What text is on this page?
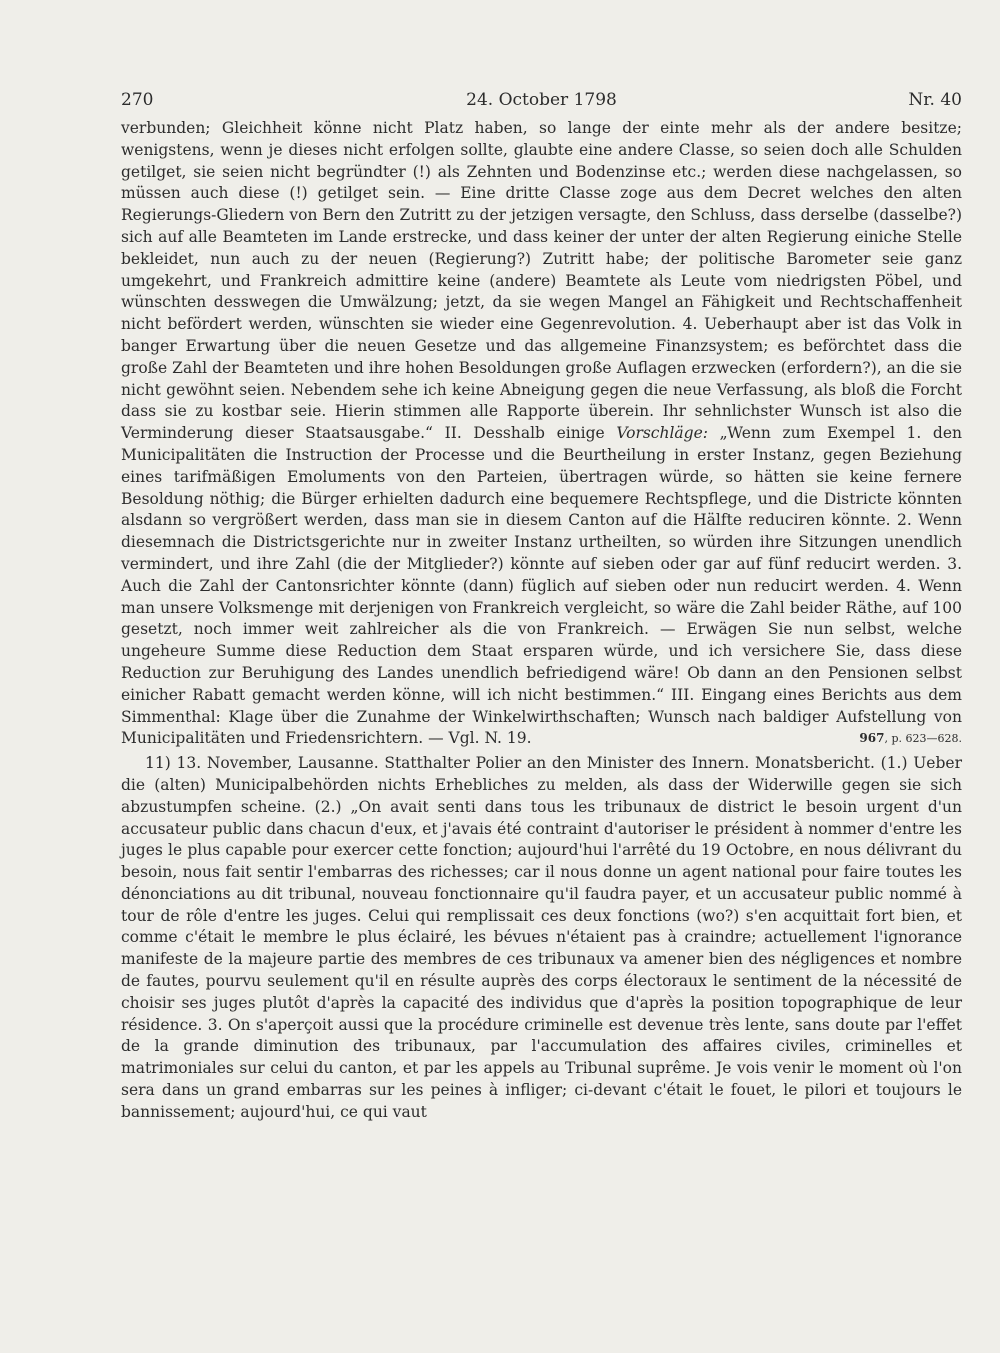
270	24. October 1798	Nr. 40

verbunden; Gleichheit könne nicht Platz haben, so lange der einte mehr als der andere besitze; wenigstens, wenn je dieses nicht erfolgen sollte, glaubte eine andere Classe, so seien doch alle Schulden getilget, sie seien nicht begründter (!) als Zehnten und Bodenzinse etc.; werden diese nachgelassen, so müssen auch diese (!) getilget sein. — Eine dritte Classe zoge aus dem Decret welches den alten Regierungs-Gliedern von Bern den Zutritt zu der jetzigen versagte, den Schluss, dass derselbe (dasselbe?) sich auf alle Beamteten im Lande erstrecke, und dass keiner der unter der alten Regierung einiche Stelle bekleidet, nun auch zu der neuen (Regierung?) Zutritt habe; der politische Barometer seie ganz umgekehrt, und Frankreich admittire keine (andere) Beamtete als Leute vom niedrigsten Pöbel, und wünschten desswegen die Umwälzung; jetzt, da sie wegen Mangel an Fähigkeit und Rechtschaffenheit nicht befördert werden, wünschten sie wieder eine Gegenrevolution. 4. Ueberhaupt aber ist das Volk in banger Erwartung über die neuen Gesetze und das allgemeine Finanzsystem; es beförchtet dass die große Zahl der Beamteten und ihre hohen Besoldungen große Auflagen erzwecken (erfordern?), an die sie nicht gewöhnt seien. Nebendem sehe ich keine Abneigung gegen die neue Verfassung, als bloß die Forcht dass sie zu kostbar seie. Hierin stimmen alle Rapporte überein. Ihr sehnlichster Wunsch ist also die Verminderung dieser Staatsausgabe.“ II. Desshalb einige Vorschläge: „Wenn zum Exempel 1. den Municipalitäten die Instruction der Processe und die Beurtheilung in erster Instanz, gegen Beziehung eines tarifmäßigen Emoluments von den Parteien, übertragen würde, so hätten sie keine fernere Besoldung nöthig; die Bürger erhielten dadurch eine bequemere Rechtspflege, und die Districte könnten alsdann so vergrößert werden, dass man sie in diesem Canton auf die Hälfte reduciren könnte. 2. Wenn diesemnach die Districtsgerichte nur in zweiter Instanz urtheilten, so würden ihre Sitzungen unendlich vermindert, und ihre Zahl (die der Mitglieder?) könnte auf sieben oder gar auf fünf reducirt werden. 3. Auch die Zahl der Cantonsrichter könnte (dann) füglich auf sieben oder nun reducirt werden. 4. Wenn man unsere Volksmenge mit derjenigen von Frankreich vergleicht, so wäre die Zahl beider Räthe, auf 100 gesetzt, noch immer weit zahlreicher als die von Frankreich. — Erwägen Sie nun selbst, welche ungeheure Summe diese Reduction dem Staat ersparen würde, und ich versichere Sie, dass diese Reduction zur Beruhigung des Landes unendlich befriedigend wäre! Ob dann an den Pensionen selbst einicher Rabatt gemacht werden könne, will ich nicht bestimmen.“ III. Eingang eines Berichts aus dem Simmenthal: Klage über die Zunahme der Winkelwirthschaften; Wunsch nach baldiger Aufstellung von Municipalitäten und Friedensrichtern. — Vgl. N. 19.	967, p. 623—628.

11) 13. November, Lausanne. Statthalter Polier an den Minister des Innern. Monatsbericht. (1.) Ueber die (alten) Municipalbehörden nichts Erhebliches zu melden, als dass der Widerwille gegen sie sich abzustumpfen scheine. (2.) „On avait senti dans tous les tribunaux de district le besoin urgent d'un accusateur public dans chacun d'eux, et j'avais été contraint d'autoriser le président à nommer d'entre les juges le plus capable pour exercer cette fonction; aujourd'hui l'arrêté du 19 Octobre, en nous délivrant du besoin, nous fait sentir l'embarras des richesses; car il nous donne un agent national pour faire toutes les dénonciations au dit tribunal, nouveau fonctionnaire qu'il faudra payer, et un accusateur public nommé à tour de rôle d'entre les juges. Celui qui remplissait ces deux fonctions (wo?) s'en acquittait fort bien, et comme c'était le membre le plus éclairé, les bévues n'étaient pas à craindre; actuellement l'ignorance manifeste de la majeure partie des membres de ces tribunaux va amener bien des négligences et nombre de fautes, pourvu seulement qu'il en résulte auprès des corps électoraux le sentiment de la nécessité de choisir ses juges plutôt d'après la capacité des individus que d'après la position topographique de leur résidence. 3. On s'aperçoit aussi que la procédure criminelle est devenue très lente, sans doute par l'effet de la grande diminution des tribunaux, par l'accumulation des affaires civiles, criminelles et matrimoniales sur celui du canton, et par les appels au Tribunal suprême. Je vois venir le moment où l'on sera dans un grand embarras sur les peines à infliger; ci-devant c'était le fouet, le pilori et toujours le bannissement; aujourd'hui, ce qui vaut
